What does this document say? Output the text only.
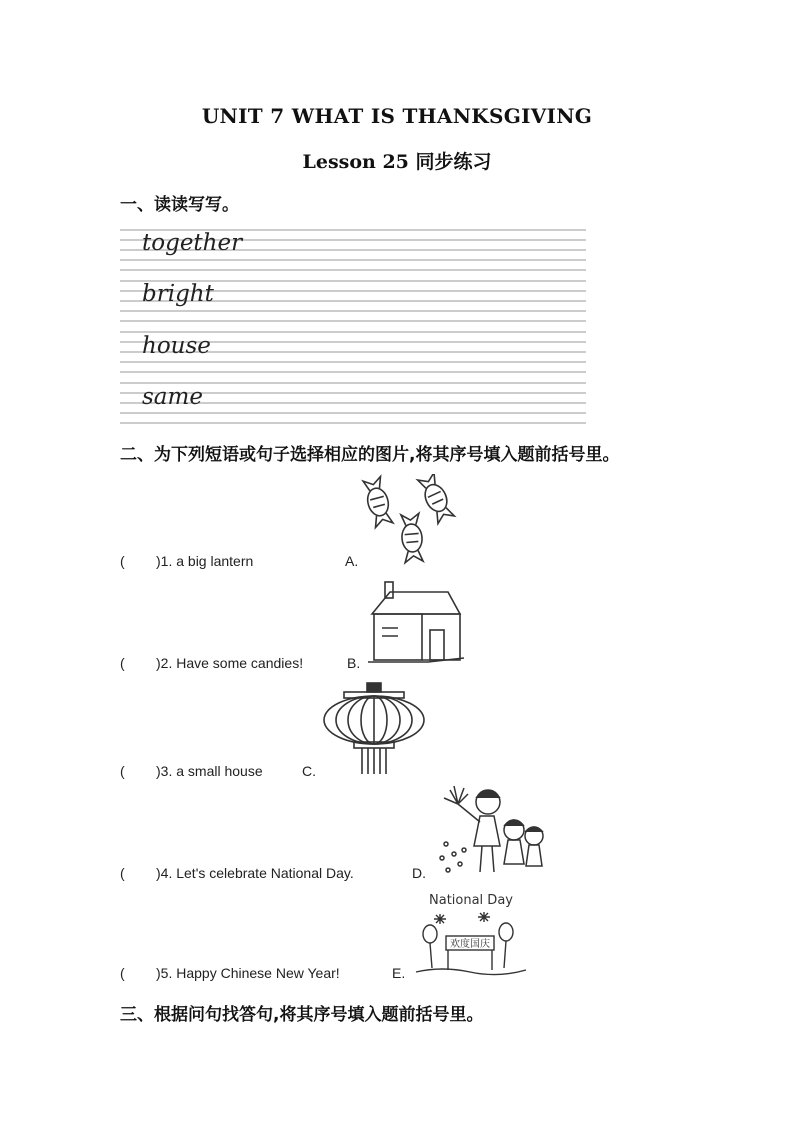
UNIT 7 WHAT IS THANKSGIVING
Lesson 25 同步练习
一、读读写写。
together
bright
house
same
二、为下列短语或句子选择相应的图片,将其序号填入题前括号里。
National Day
欢度国庆
( )1. a big lantern	A.
( )2. Have some candies!	B.
( )3. a small house	C.
( )4. Let's celebrate National Day.	D.
( )5. Happy Chinese New Year!	E.
三、根据问句找答句,将其序号填入题前括号里。
